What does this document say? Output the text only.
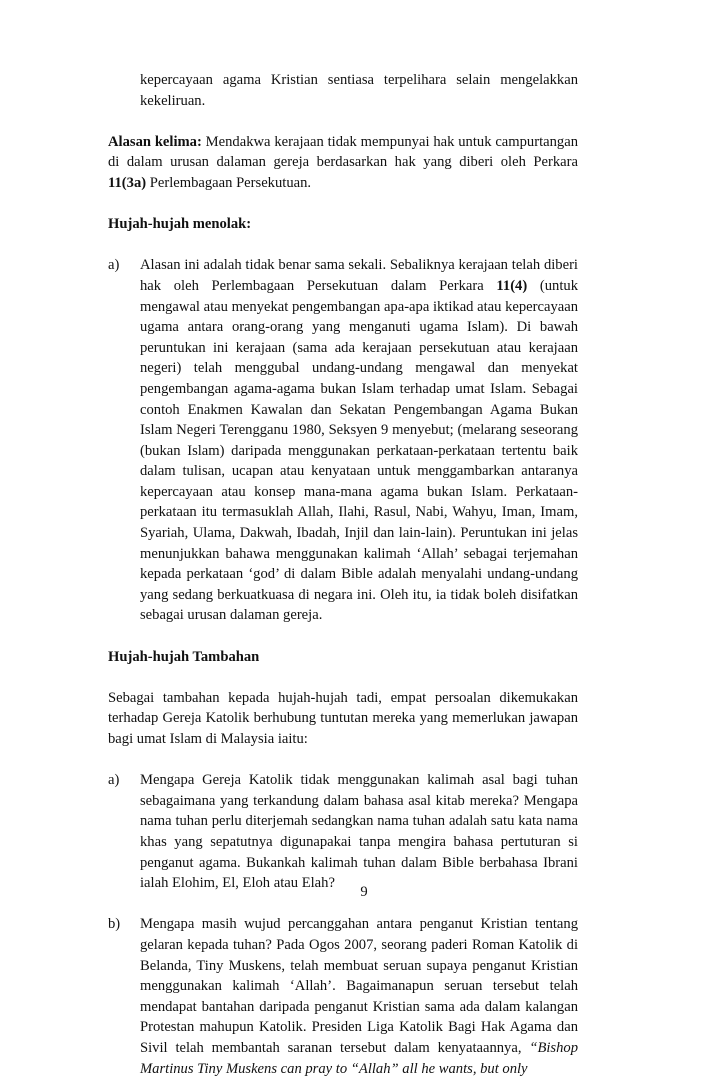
kepercayaan agama Kristian sentiasa terpelihara selain mengelakkan kekeliruan.

Alasan kelima: Mendakwa kerajaan tidak mempunyai hak untuk campurtangan di dalam urusan dalaman gereja berdasarkan hak yang diberi oleh Perkara 11(3a) Perlembagaan Persekutuan.

Hujah-hujah menolak:

a)	Alasan ini adalah tidak benar sama sekali. Sebaliknya kerajaan telah diberi hak oleh Perlembagaan Persekutuan dalam Perkara 11(4) (untuk mengawal atau menyekat pengembangan apa-apa iktikad atau kepercayaan ugama antara orang-orang yang menganuti ugama Islam). Di bawah peruntukan ini kerajaan (sama ada kerajaan persekutuan atau kerajaan negeri) telah menggubal undang-undang mengawal dan menyekat pengembangan agama-agama bukan Islam terhadap umat Islam. Sebagai contoh Enakmen Kawalan dan Sekatan Pengembangan Agama Bukan Islam Negeri Terengganu 1980, Seksyen 9 menyebut; (melarang seseorang (bukan Islam) daripada menggunakan perkataan-perkataan tertentu baik dalam tulisan, ucapan atau kenyataan untuk menggambarkan antaranya kepercayaan atau konsep mana-mana agama bukan Islam. Perkataan-perkataan itu termasuklah Allah, Ilahi, Rasul, Nabi, Wahyu, Iman, Imam, Syariah, Ulama, Dakwah, Ibadah, Injil dan lain-lain). Peruntukan ini jelas menunjukkan bahawa menggunakan kalimah ‘Allah’ sebagai terjemahan kepada perkataan ‘god’ di dalam Bible adalah menyalahi undang-undang yang sedang berkuatkuasa di negara ini. Oleh itu, ia tidak boleh disifatkan sebagai urusan dalaman gereja.

Hujah-hujah Tambahan

Sebagai tambahan kepada hujah-hujah tadi, empat persoalan dikemukakan terhadap Gereja Katolik berhubung tuntutan mereka yang memerlukan jawapan bagi umat Islam di Malaysia iaitu:

a)	Mengapa Gereja Katolik tidak menggunakan kalimah asal bagi tuhan sebagaimana yang terkandung dalam bahasa asal kitab mereka? Mengapa nama tuhan perlu diterjemah sedangkan nama tuhan adalah satu kata nama khas yang sepatutnya digunapakai tanpa mengira bahasa pertuturan si penganut agama. Bukankah kalimah tuhan dalam Bible berbahasa Ibrani ialah Elohim, El, Eloh atau Elah?

b)	Mengapa masih wujud percanggahan antara penganut Kristian tentang gelaran kepada tuhan? Pada Ogos 2007, seorang paderi Roman Katolik di Belanda, Tiny Muskens, telah membuat seruan supaya penganut Kristian menggunakan kalimah ‘Allah’. Bagaimanapun seruan tersebut telah mendapat bantahan daripada penganut Kristian sama ada dalam kalangan Protestan mahupun Katolik. Presiden Liga Katolik Bagi Hak Agama dan Sivil telah membantah saranan tersebut dalam kenyataannya, “Bishop Martinus Tiny Muskens can pray to “Allah” all he wants, but only

9
